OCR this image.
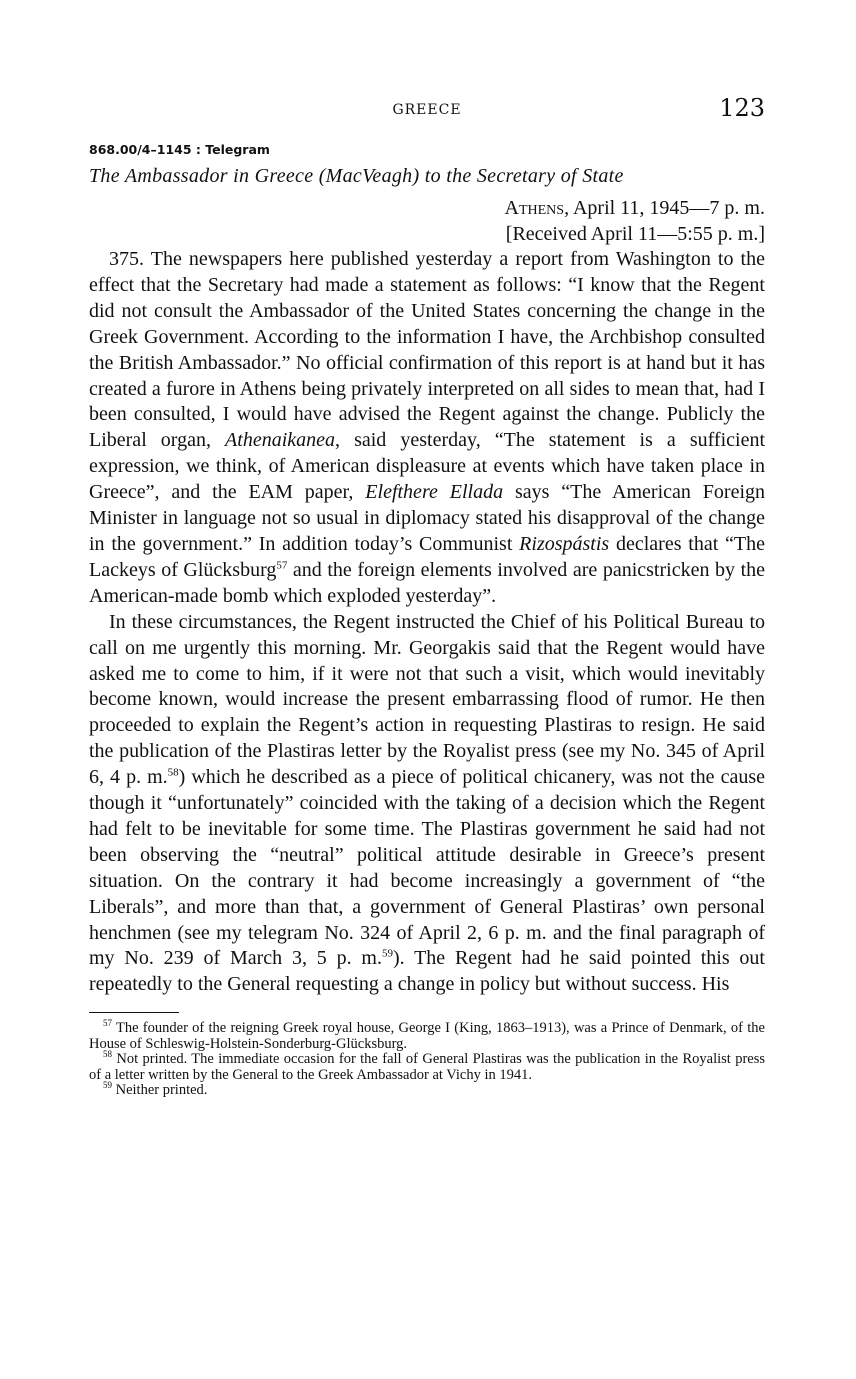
GREECE	123
868.00/4–1145 : Telegram
The Ambassador in Greece (MacVeagh) to the Secretary of State
Athens, April 11, 1945—7 p. m.
[Received April 11—5:55 p. m.]

375. The newspapers here published yesterday a report from Washington to the effect that the Secretary had made a statement as follows: “I know that the Regent did not consult the Ambassador of the United States concerning the change in the Greek Government. According to the information I have, the Archbishop consulted the British Ambassador.” No official confirmation of this report is at hand but it has created a furore in Athens being privately interpreted on all sides to mean that, had I been consulted, I would have advised the Regent against the change. Publicly the Liberal organ, Athenaikanea, said yesterday, “The statement is a sufficient expression, we think, of American displeasure at events which have taken place in Greece”, and the EAM paper, Elefthere Ellada says “The American Foreign Minister in language not so usual in diplomacy stated his disapproval of the change in the government.” In addition today’s Communist Rizospástis declares that “The Lackeys of Glücksburg$^{57}$ and the foreign elements involved are panicstricken by the American-made bomb which exploded yesterday”.

In these circumstances, the Regent instructed the Chief of his Political Bureau to call on me urgently this morning. Mr. Georgakis said that the Regent would have asked me to come to him, if it were not that such a visit, which would inevitably become known, would increase the present embarrassing flood of rumor. He then proceeded to explain the Regent’s action in requesting Plastiras to resign. He said the publication of the Plastiras letter by the Royalist press (see my No. 345 of April 6, 4 p. m.$^{58}$) which he described as a piece of political chicanery, was not the cause though it “unfortunately” coincided with the taking of a decision which the Regent had felt to be inevitable for some time. The Plastiras government he said had not been observing the “neutral” political attitude desirable in Greece’s present situation. On the contrary it had become increasingly a government of “the Liberals”, and more than that, a government of General Plastiras’ own personal henchmen (see my telegram No. 324 of April 2, 6 p. m. and the final paragraph of my No. 239 of March 3, 5 p. m.$^{59}$). The Regent had he said pointed this out repeatedly to the General requesting a change in policy but without success. His

$^{57}$ The founder of the reigning Greek royal house, George I (King, 1863–1913), was a Prince of Denmark, of the House of Schleswig-Holstein-Sonderburg-Glücksburg.

$^{58}$ Not printed. The immediate occasion for the fall of General Plastiras was the publication in the Royalist press of a letter written by the General to the Greek Ambassador at Vichy in 1941.

$^{59}$ Neither printed.
